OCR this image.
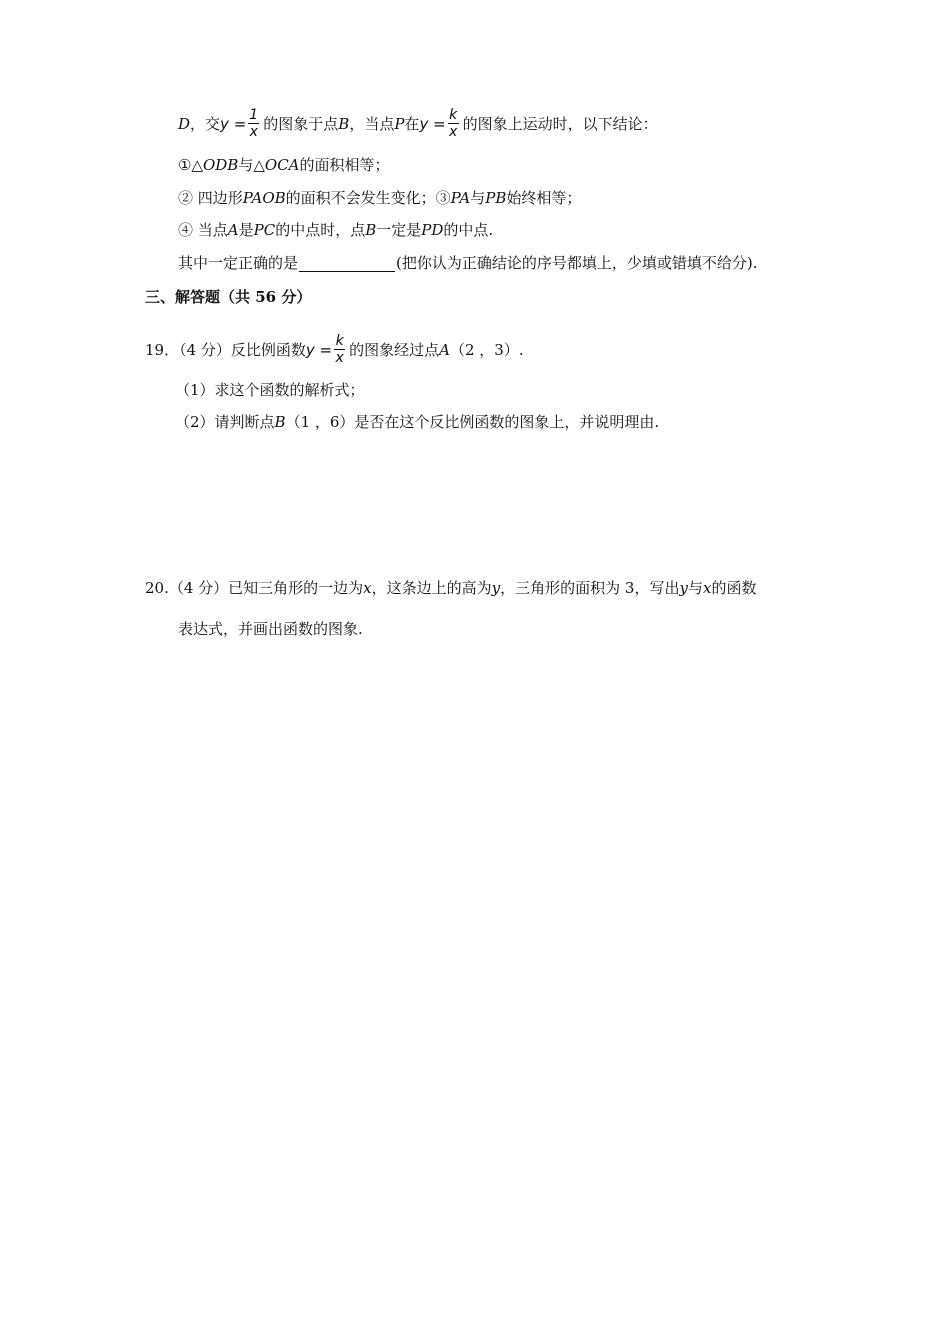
D ，交 $y = \frac{1}{x}$ 的图象于点 B ，当点 P 在 $y = \frac{k}{x}$ 的图象上运动时，以下结论：
①△ ODB 与△ OCA 的面积相等；
② 四边形 PAOB 的面积不会发生变化；③ PA 与 PB 始终相等；
④ 当点 A 是 PC 的中点时，点 B 一定是 PD 的中点.
其中一定正确的是	(把你认为正确结论的序号都填上，少填或错填不给分).
三、解答题（共 56 分）
19．（4 分）反比例函数 $y = \frac{k}{x}$ 的图象经过点 A （2 ，3）.
（1）求这个函数的解析式；
（2）请判断点 B （1 ，6）是否在这个反比例函数的图象上，并说明理由.
20.（4 分）已知三角形的一边为 x ，这条边上的高为 y ，三角形的面积为 3，写出 y 与 x 的函数
表达式，并画出函数的图象.
